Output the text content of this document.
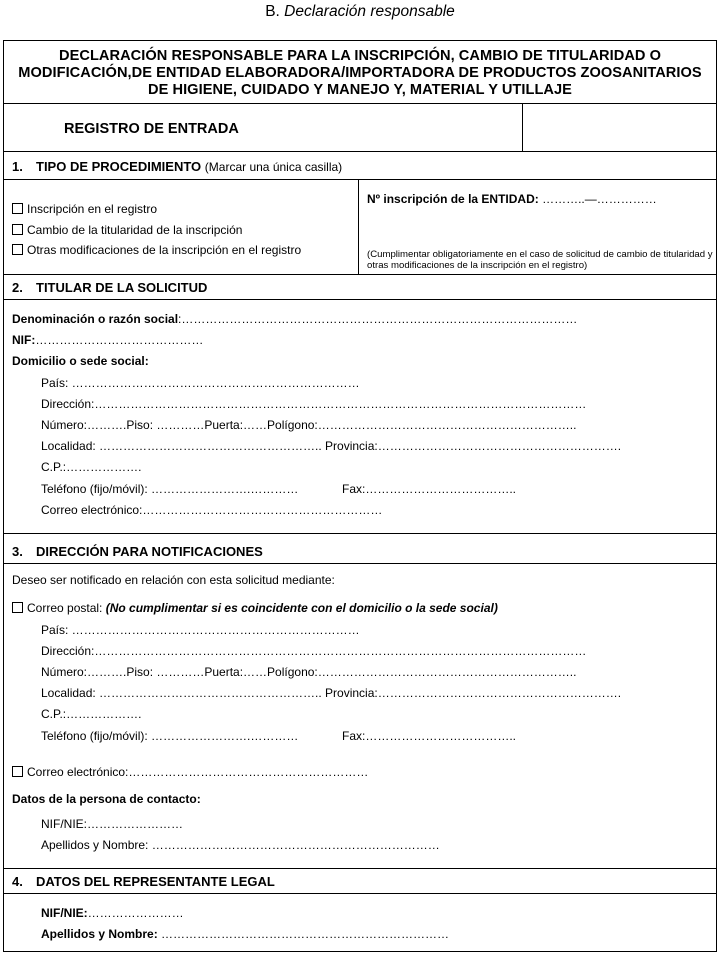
B. Declaración responsable
DECLARACIÓN RESPONSABLE PARA LA INSCRIPCIÓN, CAMBIO DE TITULARIDAD O
MODIFICACIÓN,DE ENTIDAD ELABORADORA/IMPORTADORA DE PRODUCTOS ZOOSANITARIOS
DE HIGIENE, CUIDADO Y MANEJO Y, MATERIAL Y UTILLAJE
REGISTRO DE ENTRADA
1. TIPO DE PROCEDIMIENTO (Marcar una única casilla)
Inscripción en el registro
Cambio de la titularidad de la inscripción
Otras modificaciones de la inscripción en el registro
Nº inscripción de la ENTIDAD: ………..—……………
(Cumplimentar obligatoriamente en el caso de solicitud de cambio de titularidad y
otras modificaciones de la inscripción en el registro)
2. TITULAR DE LA SOLICITUD
Denominación o razón social:………………………………………………………………………………………
NIF:……………………………………
Domicilio o sede social:
País: ………………………………………………………………
Dirección:……………………………………………………………………………………………………………
Número:……….Piso: …………Puerta:……Polígono:………………………………………………………..
Localidad: ……………………………………………….. Provincia:…………………………………………………….
C.P.:……………….
Teléfono (fijo/móvil): …………………….…………	Fax:………………………………..
Correo electrónico:……………………………………………………
3. DIRECCIÓN PARA NOTIFICACIONES
Deseo ser notificado en relación con esta solicitud mediante:
Correo postal: (No cumplimentar si es coincidente con el domicilio o la sede social)
País: ………………………………………………………………
Dirección:……………………………………………………………………………………………………………
Número:……….Piso: …………Puerta:……Polígono:………………………………………………………..
Localidad: ……………………………………………….. Provincia:…………………………………………………….
C.P.:……………….
Teléfono (fijo/móvil): …………………….…………	Fax:………………………………..
Correo electrónico:……………………………………………………
Datos de la persona de contacto:
NIF/NIE:……………………
Apellidos y Nombre: ………………………………………………………………
4. DATOS DEL REPRESENTANTE LEGAL
NIF/NIE:……………………
Apellidos y Nombre: ………………………………………………………………
